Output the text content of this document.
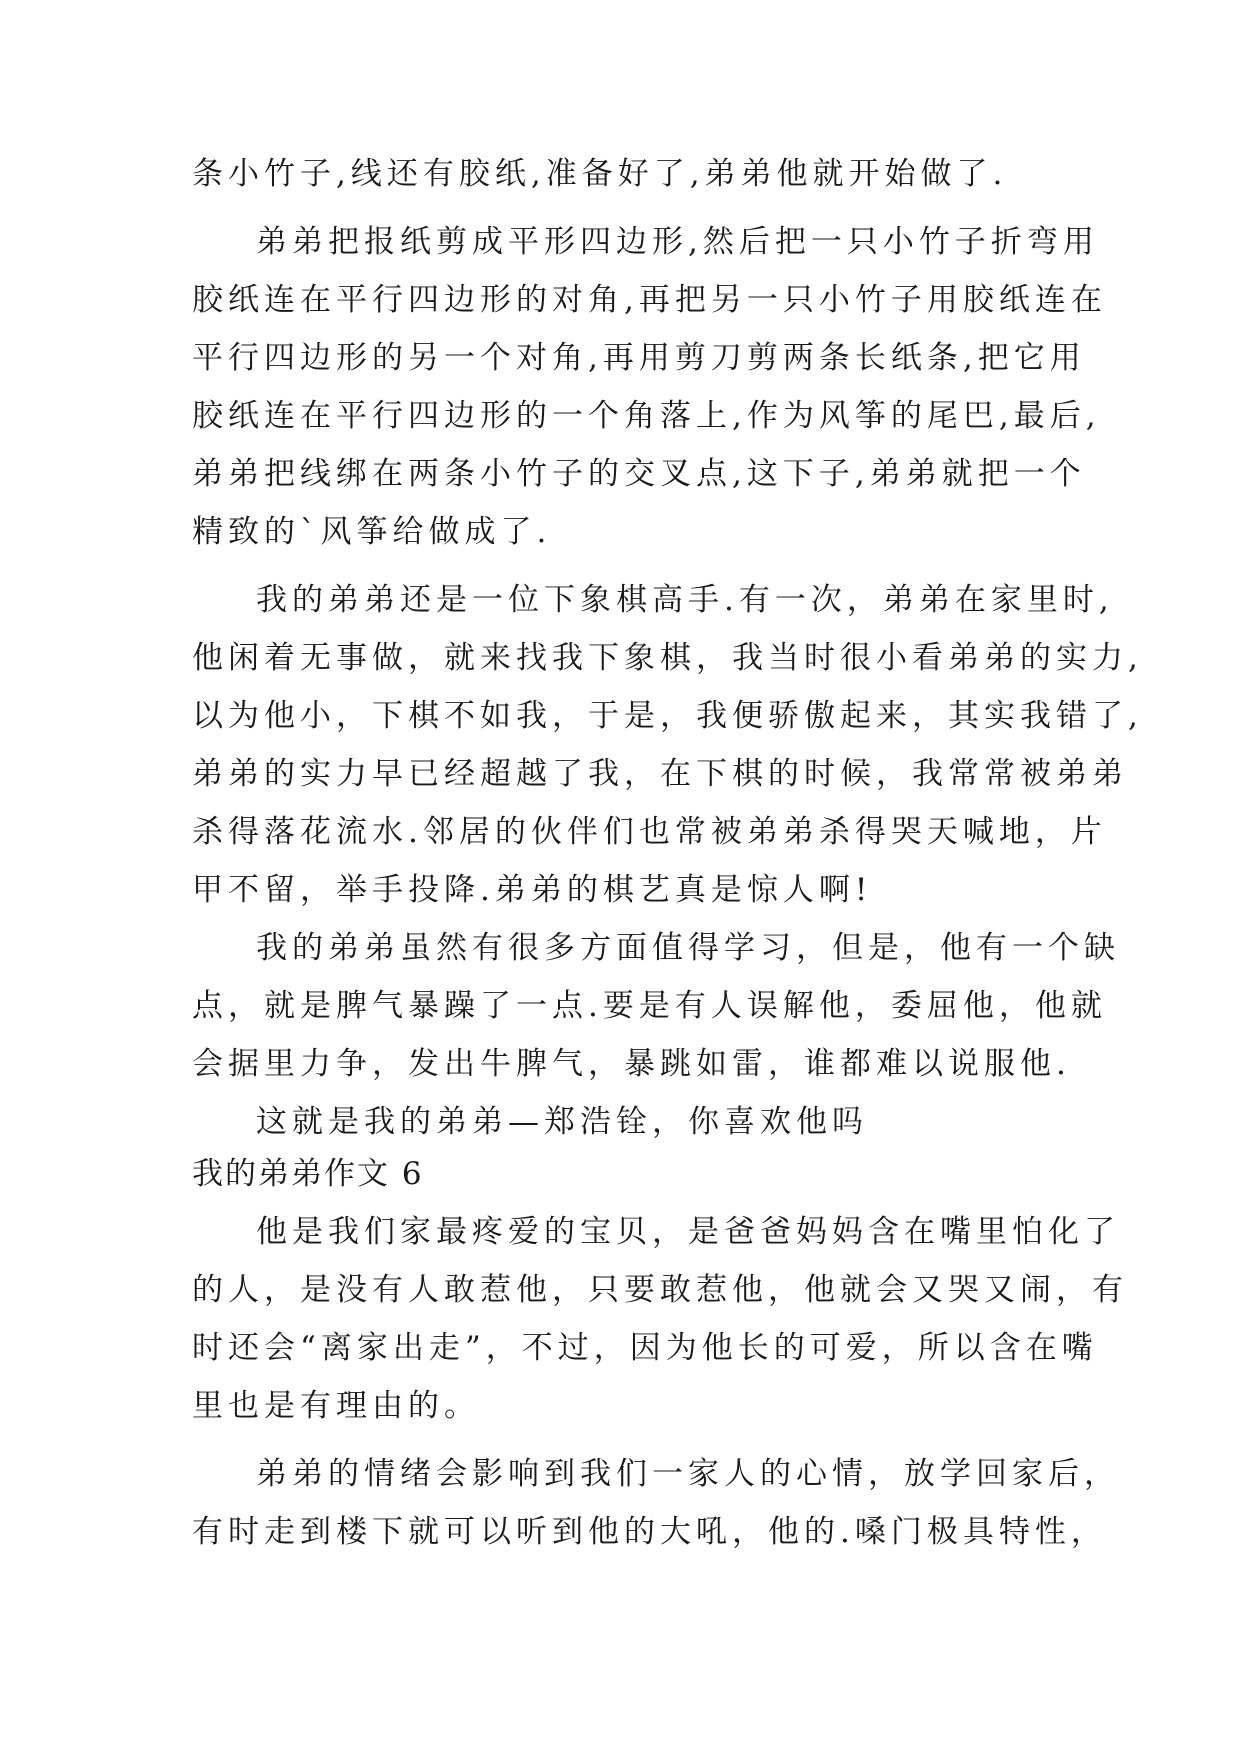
条小竹子,线还有胶纸,准备好了,弟弟他就开始做了.
弟弟把报纸剪成平形四边形,然后把一只小竹子折弯用
胶纸连在平行四边形的对角,再把另一只小竹子用胶纸连在
平行四边形的另一个对角,再用剪刀剪两条长纸条,把它用
胶纸连在平行四边形的一个角落上,作为风筝的尾巴,最后,
弟弟把线绑在两条小竹子的交叉点,这下子,弟弟就把一个
精致的`风筝给做成了.
我的弟弟还是一位下象棋高手.有一次，弟弟在家里时,
他闲着无事做，就来找我下象棋，我当时很小看弟弟的实力,
以为他小，下棋不如我，于是，我便骄傲起来，其实我错了,
弟弟的实力早已经超越了我，在下棋的时候，我常常被弟弟
杀得落花流水.邻居的伙伴们也常被弟弟杀得哭天喊地，片
甲不留，举手投降.弟弟的棋艺真是惊人啊!
我的弟弟虽然有很多方面值得学习，但是，他有一个缺
点，就是脾气暴躁了一点.要是有人误解他，委屈他，他就
会据里力争，发出牛脾气，暴跳如雷，谁都难以说服他.
这就是我的弟弟—郑浩铨，你喜欢他吗
我的弟弟作文 6
他是我们家最疼爱的宝贝，是爸爸妈妈含在嘴里怕化了
的人，是没有人敢惹他，只要敢惹他，他就会又哭又闹，有
时还会“离家出走”，不过，因为他长的可爱，所以含在嘴
里也是有理由的。
弟弟的情绪会影响到我们一家人的心情，放学回家后，
有时走到楼下就可以听到他的大吼，他的.嗓门极具特性，
